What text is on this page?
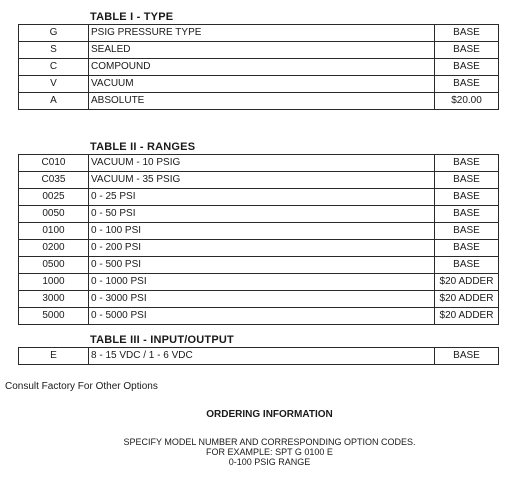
TABLE I - TYPE
G	PSIG PRESSURE TYPE	BASE
S	SEALED	BASE
C	COMPOUND	BASE
V	VACUUM	BASE
A	ABSOLUTE	$20.00
TABLE II - RANGES
C010	VACUUM - 10 PSIG	BASE
C035	VACUUM - 35 PSIG	BASE
0025	0 - 25 PSI	BASE
0050	0 - 50 PSI	BASE
0100	0 - 100 PSI	BASE
0200	0 - 200 PSI	BASE
0500	0 - 500 PSI	BASE
1000	0 - 1000 PSI	$20 ADDER
3000	0 - 3000 PSI	$20 ADDER
5000	0 - 5000 PSI	$20 ADDER
TABLE III - INPUT/OUTPUT
E	8 - 15 VDC / 1 - 6 VDC	BASE
Consult Factory For Other Options
ORDERING INFORMATION
SPECIFY MODEL NUMBER AND CORRESPONDING OPTION CODES.
FOR EXAMPLE: SPT G 0100 E
0-100 PSIG RANGE
